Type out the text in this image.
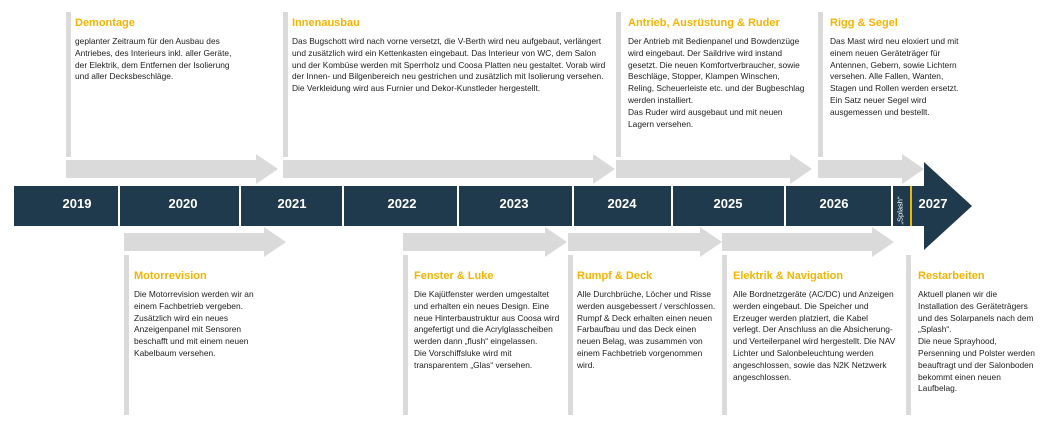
„Splash“
2019	2020	2021	2022	2023	2024	2025	2026	2027
Demontage
geplanter Zeitraum für den Ausbau des Antriebes, des Interieurs inkl. aller Geräte, der Elektrik, dem Entfernen der Isolierung und aller Decksbeschläge.
Innenausbau
Das Bugschott wird nach vorne versetzt, die V-Berth wird neu aufgebaut, verlängert und zusätzlich wird ein Kettenkasten eingebaut. Das Interieur von WC, dem Salon und der Kombüse werden mit Sperrholz und Coosa Platten neu gestaltet. Vorab wird der Innen- und Bilgenbereich neu gestrichen und zusätzlich mit Isolierung versehen. Die Verkleidung wird aus Furnier und Dekor-Kunstleder hergestellt.
Antrieb, Ausrüstung & Ruder
Der Antrieb mit Bedienpanel und Bowdenzüge wird eingebaut. Der Saildrive wird instand gesetzt. Die neuen Komfortverbraucher, sowie Beschläge, Stopper, Klampen Winschen, Reling, Scheuerleiste etc. und der Bugbeschlag werden installiert.
Das Ruder wird ausgebaut und mit neuen Lagern versehen.
Rigg & Segel
Das Mast wird neu eloxiert und mit einem neuen Geräteträger für Antennen, Gebern, sowie Lichtern versehen. Alle Fallen, Wanten, Stagen und Rollen werden ersetzt. Ein Satz neuer Segel wird ausgemessen und bestellt.
Motorrevision
Die Motorrevision werden wir an einem Fachbetrieb vergeben. Zusätzlich wird ein neues Anzeigenpanel mit Sensoren beschafft und mit einem neuen Kabelbaum versehen.
Fenster & Luke
Die Kajütfenster werden umgestaltet und erhalten ein neues Design. Eine neue Hinterbaustruktur aus Coosa wird angefertigt und die Acrylglasscheiben werden dann „flush“ eingelassen.
Die Vorschiffsluke wird mit transparentem „Glas“ versehen.
Rumpf & Deck
Alle Durchbrüche, Löcher und Risse werden ausgebessert / verschlossen. Rumpf & Deck erhalten einen neuen Farbaufbau und das Deck einen neuen Belag, was zusammen von einem Fachbetrieb vorgenommen wird.
Elektrik & Navigation
Alle Bordnetzgeräte (AC/DC) und Anzeigen werden eingebaut. Die Speicher und Erzeuger werden platziert, die Kabel verlegt. Der Anschluss an die Absicherung- und Verteilerpanel wird hergestellt. Die NAV Lichter und Salonbeleuchtung werden angeschlossen, sowie das N2K Netzwerk angeschlossen.
Restarbeiten
Aktuell planen wir die Installation des Geräteträgers und des Solarpanels nach dem „Splash“.
Die neue Sprayhood, Persenning und Polster werden beauftragt und der Salonboden bekommt einen neuen Laufbelag.
